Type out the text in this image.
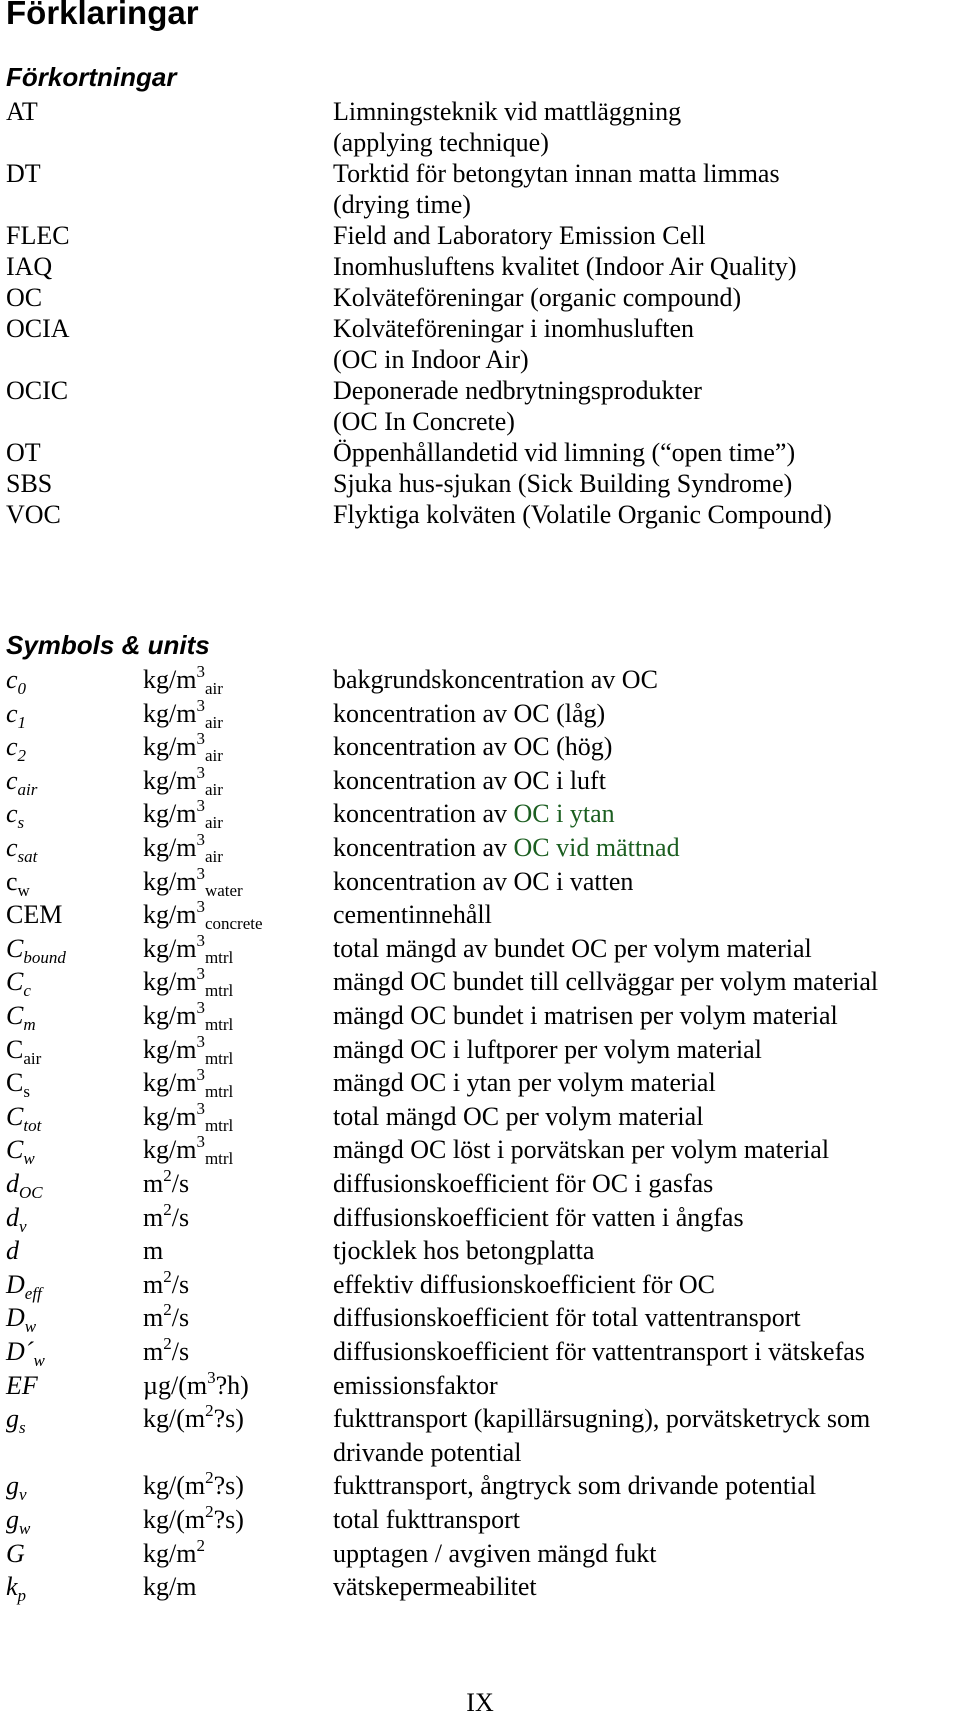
Förklaringar
Förkortningar
AT	Limningsteknik vid mattläggning
(applying technique)
DT	Torktid för betongytan innan matta limmas
(drying time)
FLEC	Field and Laboratory Emission Cell
IAQ	Inomhusluftens kvalitet (Indoor Air Quality)
OC	Kolväteföreningar (organic compound)
OCIA	Kolväteföreningar i inomhusluften
(OC in Indoor Air)
OCIC	Deponerade nedbrytningsprodukter
(OC In Concrete)
OT	Öppenhållandetid vid limning (“open time”)
SBS	Sjuka hus-sjukan (Sick Building Syndrome)
VOC	Flyktiga kolväten (Volatile Organic Compound)
Symbols & units
$c_0$	$kg/m^3_{air}$	bakgrundskoncentration av OC
$c_1$	$kg/m^3_{air}$	koncentration av OC (låg)
$c_2$	$kg/m^3_{air}$	koncentration av OC (hög)
$c_{air}$	$kg/m^3_{air}$	koncentration av OC i luft
$c_s$	$kg/m^3_{air}$	koncentration av OC i ytan
$c_{sat}$	$kg/m^3_{air}$	koncentration av OC vid mättnad
$c_w$	$kg/m^3_{water}$	koncentration av OC i vatten
CEM	$kg/m^3_{concrete}$	cementinnehåll
$C_{bound}$	$kg/m^3_{mtrl}$	total mängd av bundet OC per volym material
$C_c$	$kg/m^3_{mtrl}$	mängd OC bundet till cellväggar per volym material
$C_m$	$kg/m^3_{mtrl}$	mängd OC bundet i matrisen per volym material
$C_{air}$	$kg/m^3_{mtrl}$	mängd OC i luftporer per volym material
$C_s$	$kg/m^3_{mtrl}$	mängd OC i ytan per volym material
$C_{tot}$	$kg/m^3_{mtrl}$	total mängd OC per volym material
$C_w$	$kg/m^3_{mtrl}$	mängd OC löst i porvätskan per volym material
$d_{OC}$	$m^2/s$	diffusionskoefficient för OC i gasfas
$d_v$	$m^2/s$	diffusionskoefficient för vatten i ångfas
d	m	tjocklek hos betongplatta
$D_{eff}$	$m^2/s$	effektiv diffusionskoefficient för OC
$D_w$	$m^2/s$	diffusionskoefficient för total vattentransport
$D´_w$	$m^2/s$	diffusionskoefficient för vattentransport i vätskefas
EF	$\mu g/(m^3?h)$	emissionsfaktor
$g_s$	$kg/(m^2?s)$	fukttransport (kapillärsugning), porvätsketryck som
drivande potential
$g_v$	$kg/(m^2?s)$	fukttransport, ångtryck som drivande potential
$g_w$	$kg/(m^2?s)$	total fukttransport
G	$kg/m^2$	upptagen / avgiven mängd fukt
$k_p$	kg/m	vätskepermeabilitet
IX
